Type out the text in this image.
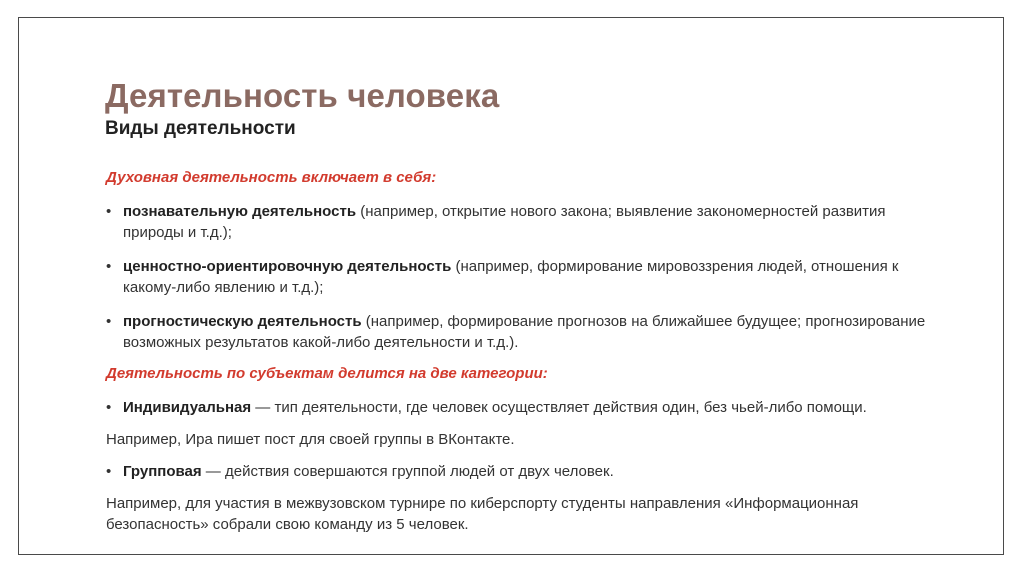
Деятельность человека
Виды деятельности

Духовная деятельность включает в себя:

• познавательную деятельность (например, открытие нового закона; выявление закономерностей развития природы и т.д.);

• ценностно-ориентировочную деятельность (например, формирование мировоззрения людей, отношения к какому-либо явлению и т.д.);

• прогностическую деятельность (например, формирование прогнозов на ближайшее будущее; прогнозирование возможных результатов какой-либо деятельности и т.д.).

Деятельность по субъектам делится на две категории:

• Индивидуальная — тип деятельности, где человек осуществляет действия один, без чьей-либо помощи.

Например, Ира пишет пост для своей группы в ВКонтакте.

• Групповая — действия совершаются группой людей от двух человек.

Например, для участия в межвузовском турнире по киберспорту студенты направления «Информационная безопасность» собрали свою команду из 5 человек.
